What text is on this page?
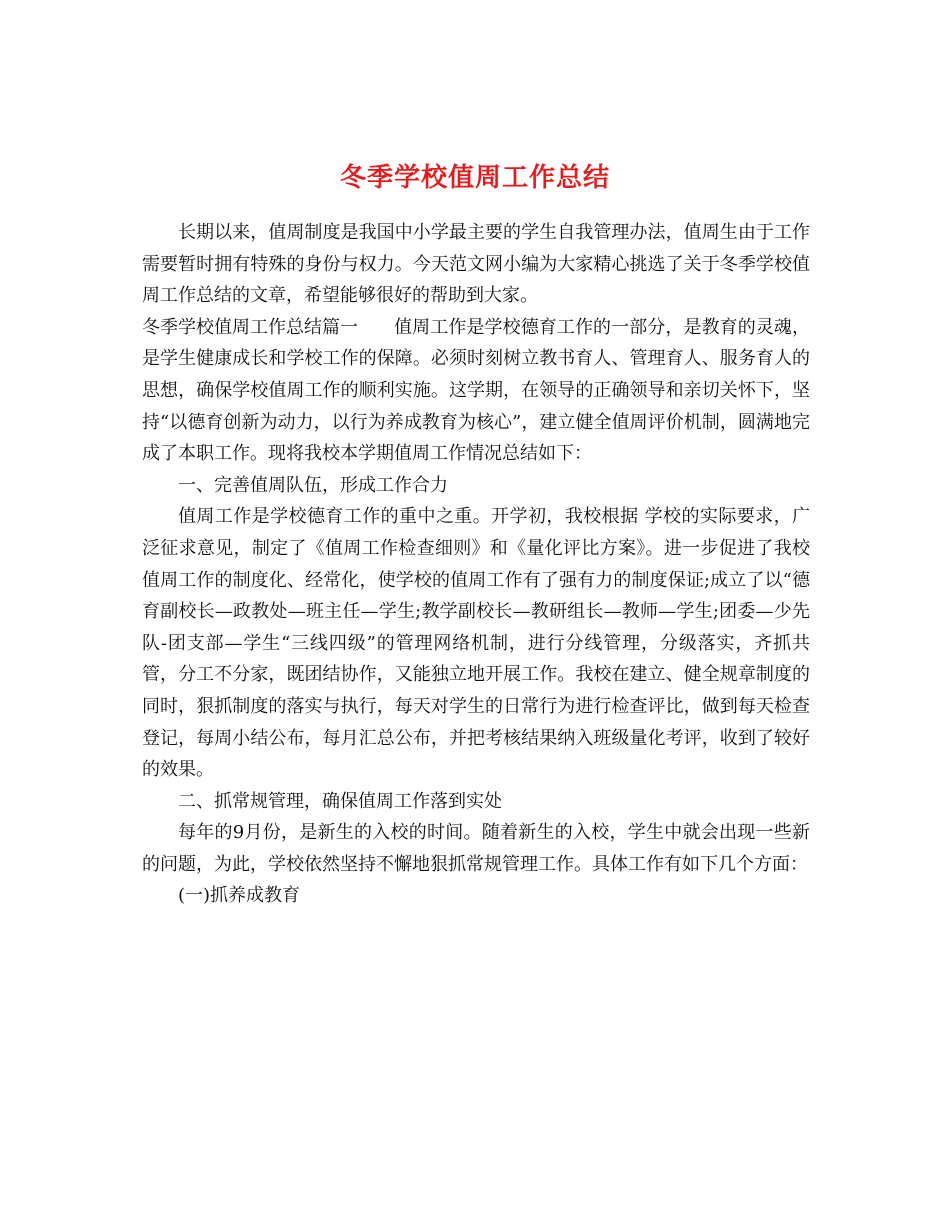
冬季学校值周工作总结

长期以来，值周制度是我国中小学最主要的学生自我管理办法，值周生由于工作需要暂时拥有特殊的身份与权力。今天范文网小编为大家精心挑选了关于冬季学校值周工作总结的文章，希望能够很好的帮助到大家。

冬季学校值周工作总结篇一 值周工作是学校德育工作的一部分，是教育的灵魂，是学生健康成长和学校工作的保障。必须时刻树立教书育人、管理育人、服务育人的思想，确保学校值周工作的顺利实施。这学期，在领导的正确领导和亲切关怀下，坚持“以德育创新为动力，以行为养成教育为核心”，建立健全值周评价机制，圆满地完成了本职工作。现将我校本学期值周工作情况总结如下：

一、完善值周队伍，形成工作合力

值周工作是学校德育工作的重中之重。开学初，我校根据 学校的实际要求，广泛征求意见，制定了《值周工作检查细则》和《量化评比方案》。进一步促进了我校值周工作的制度化、经常化，使学校的值周工作有了强有力的制度保证;成立了以“德育副校长—政教处—班主任—学生;教学副校长—教研组长—教师—学生;团委—少先队-团支部—学生“三线四级”的管理网络机制，进行分线管理，分级落实，齐抓共管，分工不分家，既团结协作，又能独立地开展工作。我校在建立、健全规章制度的同时，狠抓制度的落实与执行，每天对学生的日常行为进行检查评比，做到每天检查登记，每周小结公布，每月汇总公布，并把考核结果纳入班级量化考评，收到了较好的效果。

二、抓常规管理，确保值周工作落到实处

每年的9月份，是新生的入校的时间。随着新生的入校，学生中就会出现一些新的问题，为此，学校依然坚持不懈地狠抓常规管理工作。具体工作有如下几个方面：

(一)抓养成教育
